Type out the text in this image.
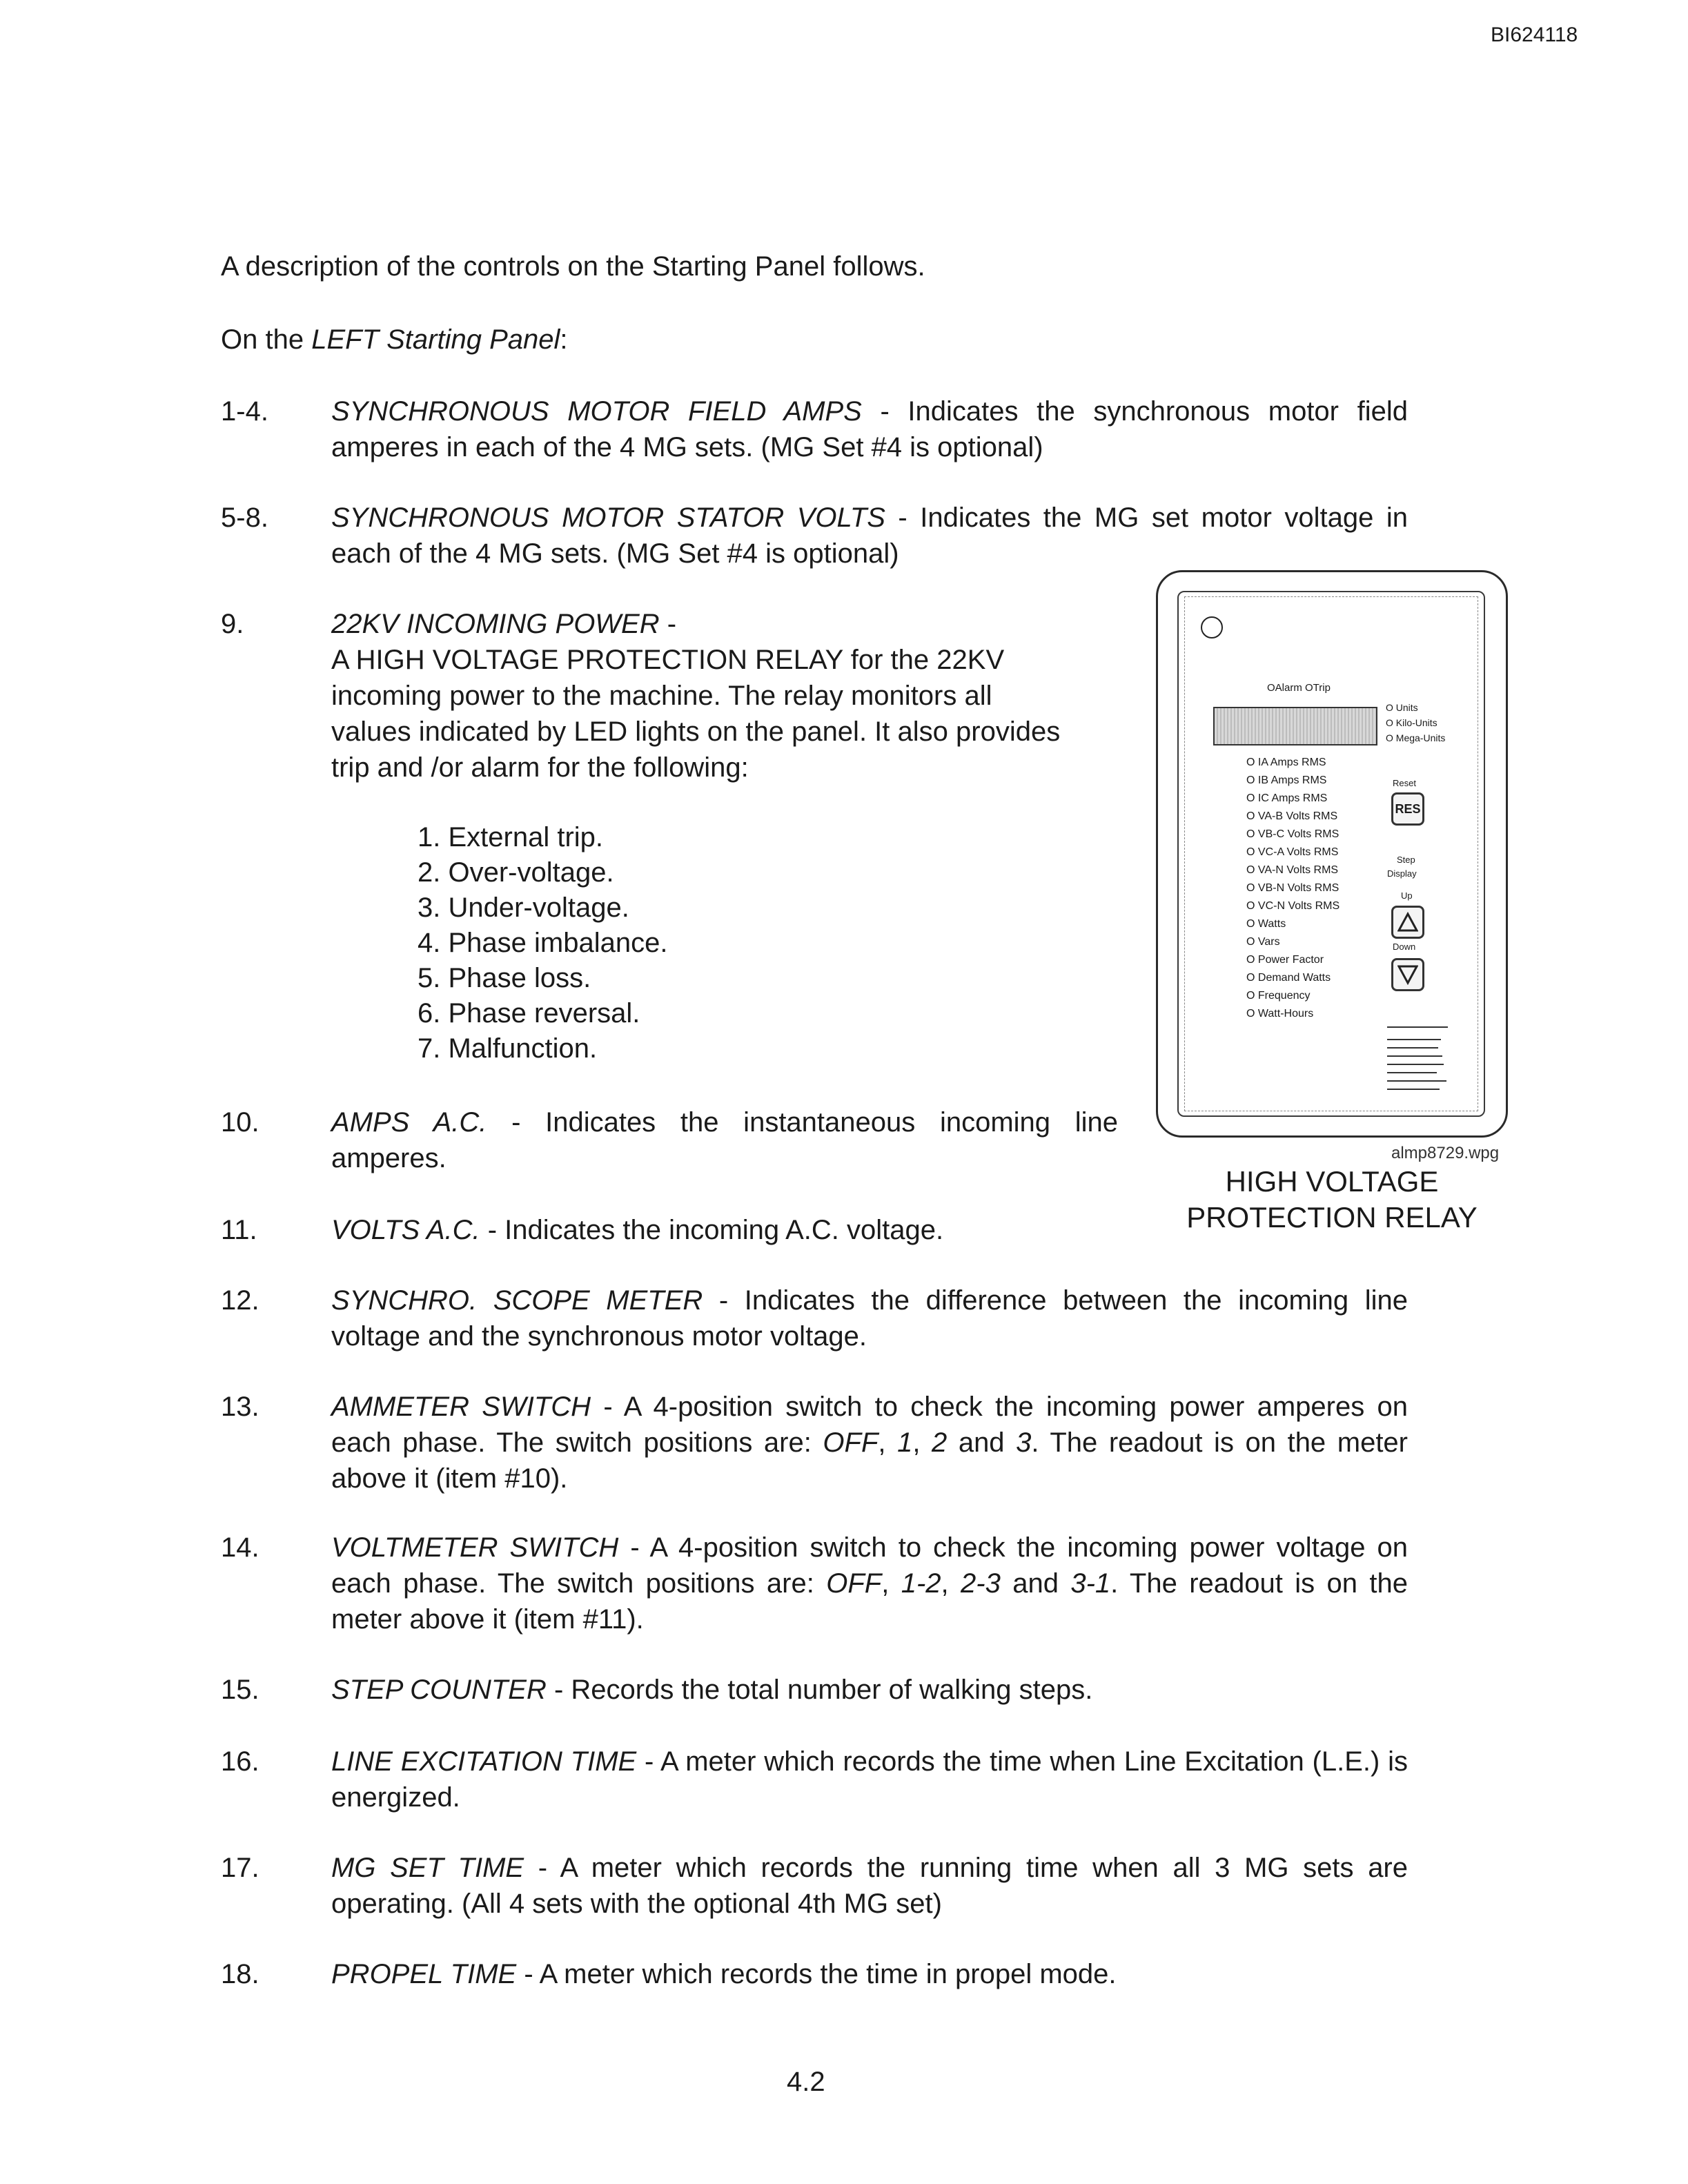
BI624118
A description of the controls on the Starting Panel follows.
On the LEFT Starting Panel:
1-4.	SYNCHRONOUS MOTOR FIELD AMPS - Indicates the synchronous motor field amperes in each of the 4 MG sets. (MG Set #4 is optional)
5-8.	SYNCHRONOUS MOTOR STATOR VOLTS - Indicates the MG set motor voltage in each of the 4 MG sets. (MG Set #4 is optional)
9.	22KV INCOMING POWER -
A HIGH VOLTAGE PROTECTION RELAY for the 22KV incoming power to the machine. The relay monitors all values indicated by LED lights on the panel. It also provides trip and /or alarm for the following:
1. External trip.
2. Over-voltage.
3. Under-voltage.
4. Phase imbalance.
5. Phase loss.
6. Phase reversal.
7. Malfunction.
10.	AMPS A.C. - Indicates the instantaneous incoming line amperes.
11.	VOLTS A.C. - Indicates the incoming A.C. voltage.
12.	SYNCHRO. SCOPE METER - Indicates the difference between the incoming line voltage and the synchronous motor voltage.
13.	AMMETER SWITCH - A 4-position switch to check the incoming power amperes on each phase. The switch positions are: OFF, 1, 2 and 3. The readout is on the meter above it (item #10).
14.	VOLTMETER SWITCH - A 4-position switch to check the incoming power voltage on each phase. The switch positions are: OFF, 1-2, 2-3 and 3-1. The readout is on the meter above it (item #11).
15.	STEP COUNTER - Records the total number of walking steps.
16.	LINE EXCITATION TIME - A meter which records the time when Line Excitation (L.E.) is energized.
17.	MG SET TIME - A meter which records the running time when all 3 MG sets are operating. (All 4 sets with the optional 4th MG set)
18.	PROPEL TIME - A meter which records the time in propel mode.
OAlarm OTrip
O Units
O Kilo-Units
O Mega-Units
O IA Amps RMS
O IB Amps RMS
O IC Amps RMS
O VA-B Volts RMS
O VB-C Volts RMS
O VC-A Volts RMS
O VA-N Volts RMS
O VB-N Volts RMS
O VC-N Volts RMS
O Watts
O Vars
O Power Factor
O Demand Watts
O Frequency
O Watt-Hours
Reset
RES
Step
Display
Up
Down
almp8729.wpg
HIGH VOLTAGE
PROTECTION RELAY
4.2
